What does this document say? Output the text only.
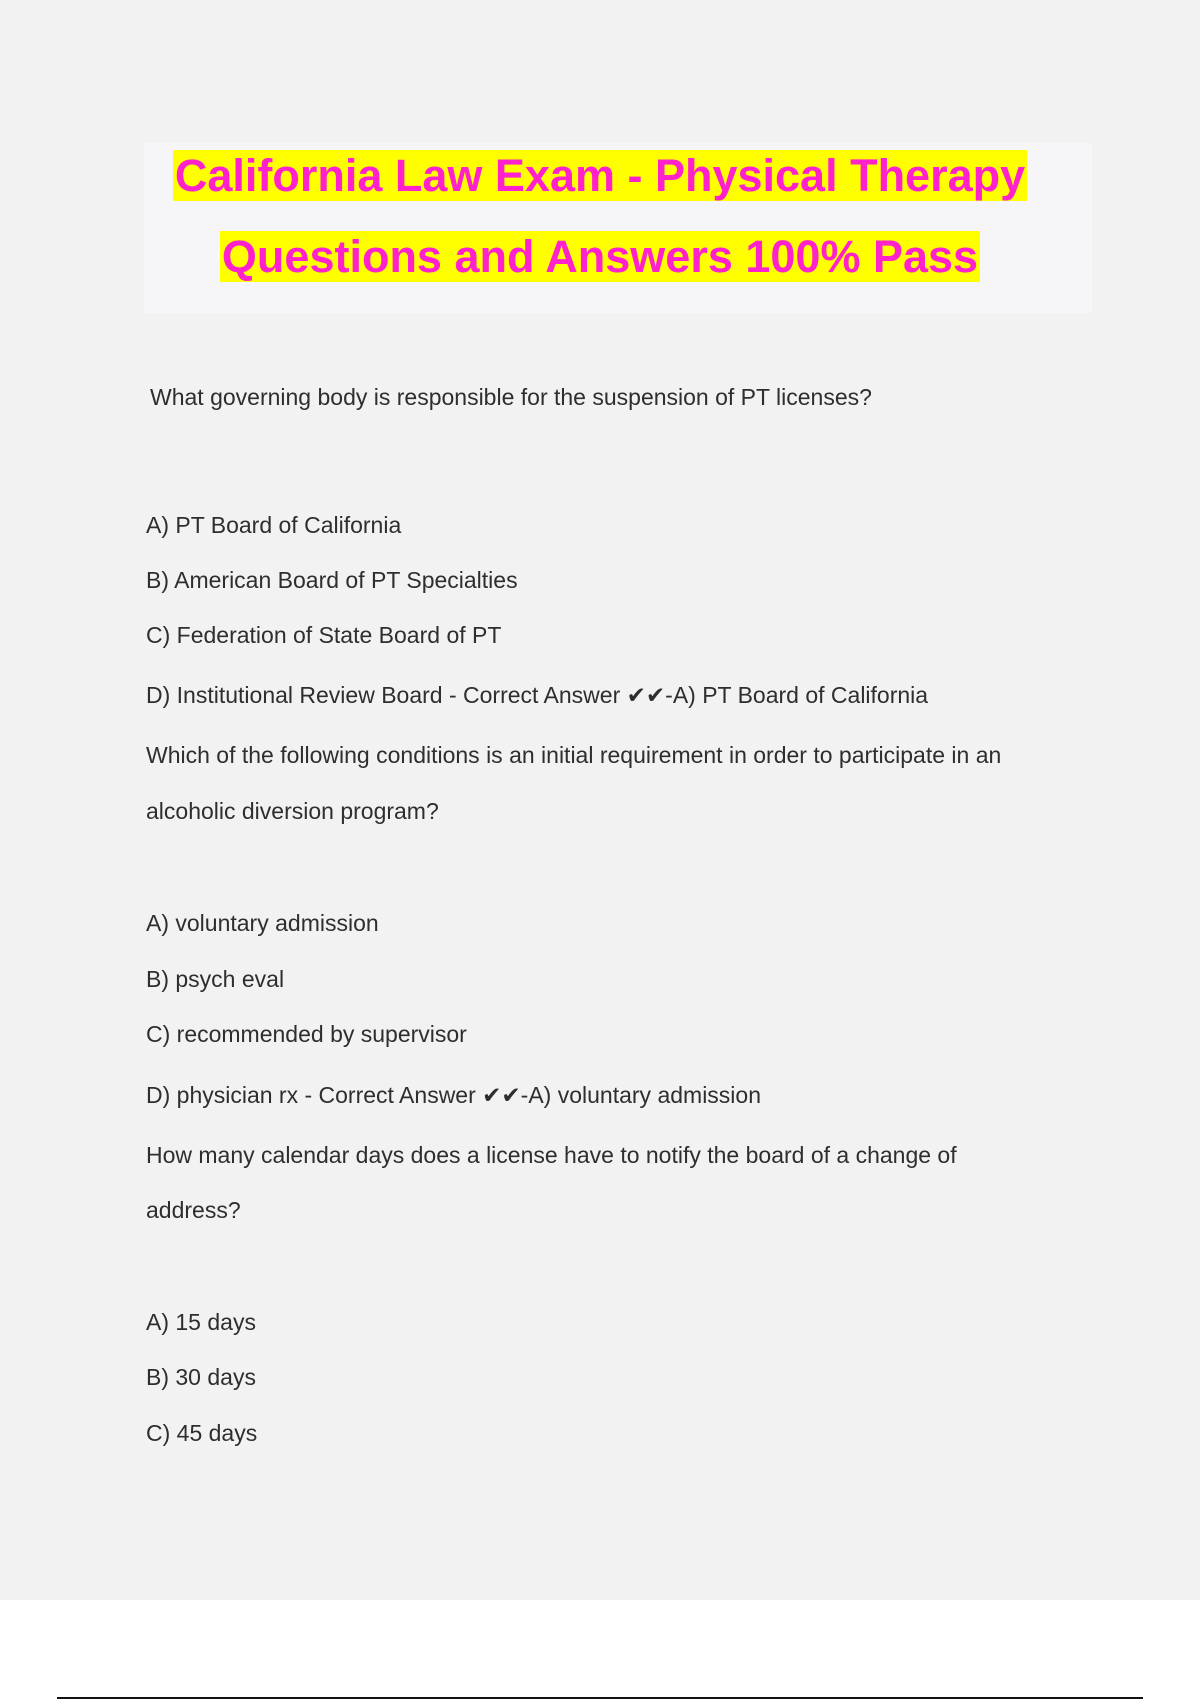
California Law Exam - Physical Therapy
Questions and Answers 100% Pass
What governing body is responsible for the suspension of PT licenses?
A) PT Board of California
B) American Board of PT Specialties
C) Federation of State Board of PT
D) Institutional Review Board - Correct Answer ✔✔-A) PT Board of California
Which of the following conditions is an initial requirement in order to participate in an
alcoholic diversion program?
A) voluntary admission
B) psych eval
C) recommended by supervisor
D) physician rx - Correct Answer ✔✔-A) voluntary admission
How many calendar days does a license have to notify the board of a change of
address?
A) 15 days
B) 30 days
C) 45 days
